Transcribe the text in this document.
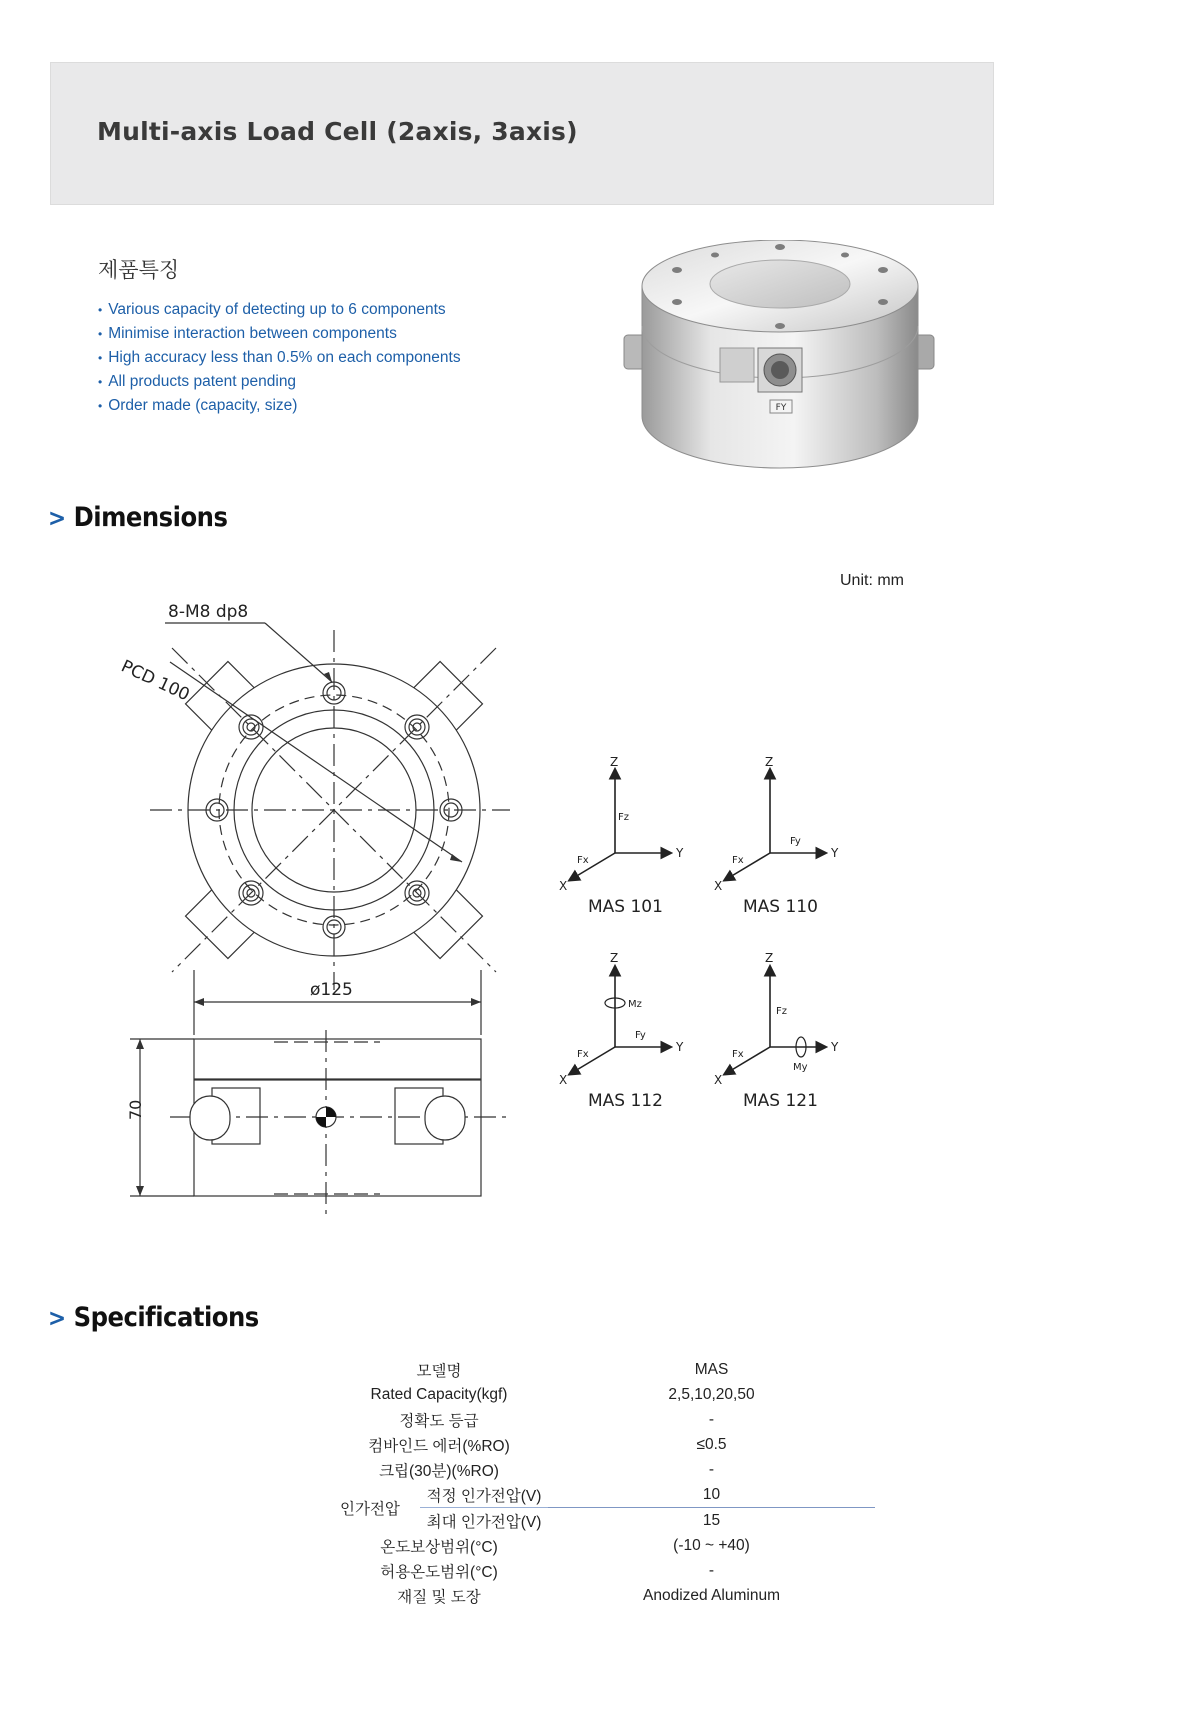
Multi-axis Load Cell (2axis, 3axis)
제품특징
• Various capacity of detecting up to 6 components
• Minimise interaction between components
• High accuracy less than 0.5% on each components
• All products patent pending
• Order made (capacity, size)	FY
> Dimensions
Unit: mm
8-M8 dp8
PCD 100
ø125
70
Z
Y
X
Fz
Fx
MAS 101
Z
Y
X
Fy
Fx
MAS 110
Z
Y
X
Mz
Fy
Fx
MAS 112
Z
Y
X
Fz
My
Fx
MAS 121
> Specifications
모델명		MAS
Rated Capacity(kgf)		2,5,10,20,50
정확도 등급		-
컴바인드 에러(%RO)		≤0.5
크립(30분)(%RO)		-
인가전압	적정 인가전압(V)	10
	최대 인가전압(V)	15
온도보상범위(°C)		(-10 ~ +40)
허용온도범위(°C)		-
재질 및 도장		Anodized Aluminum
